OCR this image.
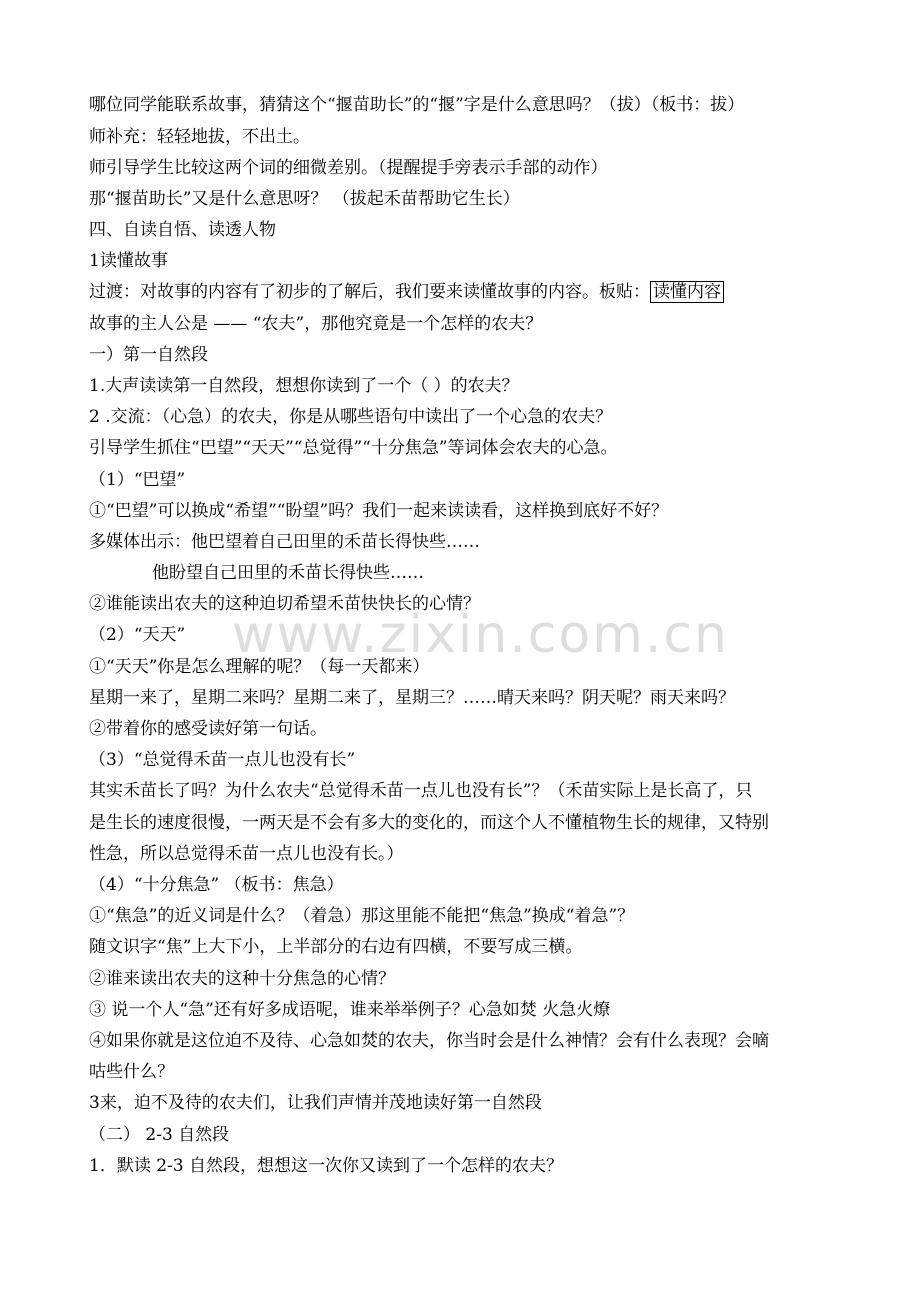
www.zixin.com.cn
哪位同学能联系故事，猜猜这个“揠苗助长”的“揠”字是什么意思吗？（拔）（板书：拔）
师补充：轻轻地拔，不出土。
师引导学生比较这两个词的细微差别。（提醒提手旁表示手部的动作）
那“揠苗助长”又是什么意思呀？ （拔起禾苗帮助它生长）
四、自读自悟、读透人物
1读懂故事
过渡：对故事的内容有了初步的了解后，我们要来读懂故事的内容。板贴： 读懂内容
故事的主人公是 —— “农夫”，那他究竟是一个怎样的农夫？
一）第一自然段
1.大声读读第一自然段，想想你读到了一个（ ）的农夫？
2 .交流：（心急）的农夫，你是从哪些语句中读出了一个心急的农夫？
引导学生抓住“巴望”“天天”“总觉得”“十分焦急”等词体会农夫的心急。
（1）“巴望”
①“巴望”可以换成“希望”“盼望”吗？我们一起来读读看，这样换到底好不好？
多媒体出示：他巴望着自己田里的禾苗长得快些……
他盼望自己田里的禾苗长得快些……
②谁能读出农夫的这种迫切希望禾苗快快长的心情？
（2）“天天”
①“天天”你是怎么理解的呢？（每一天都来）
星期一来了，星期二来吗？星期二来了，星期三？……晴天来吗？阴天呢？雨天来吗？
②带着你的感受读好第一句话。
（3）“总觉得禾苗一点儿也没有长”
其实禾苗长了吗？为什么农夫“总觉得禾苗一点儿也没有长”？（禾苗实际上是长高了，只
是生长的速度很慢，一两天是不会有多大的变化的，而这个人不懂植物生长的规律，又特别
性急，所以总觉得禾苗一点儿也没有长。）
（4）“十分焦急” （板书：焦急）
①“焦急”的近义词是什么？（着急）那这里能不能把“焦急”换成“着急”？
随文识字“焦”上大下小，上半部分的右边有四横，不要写成三横。
②谁来读出农夫的这种十分焦急的心情？
③ 说一个人“急”还有好多成语呢，谁来举举例子？心急如焚 火急火燎
④如果你就是这位迫不及待、心急如焚的农夫，你当时会是什么神情？会有什么表现？会嘀
咕些什么？
3来，迫不及待的农夫们，让我们声情并茂地读好第一自然段
（二） 2-3 自然段
1．默读 2-3 自然段，想想这一次你又读到了一个怎样的农夫？
